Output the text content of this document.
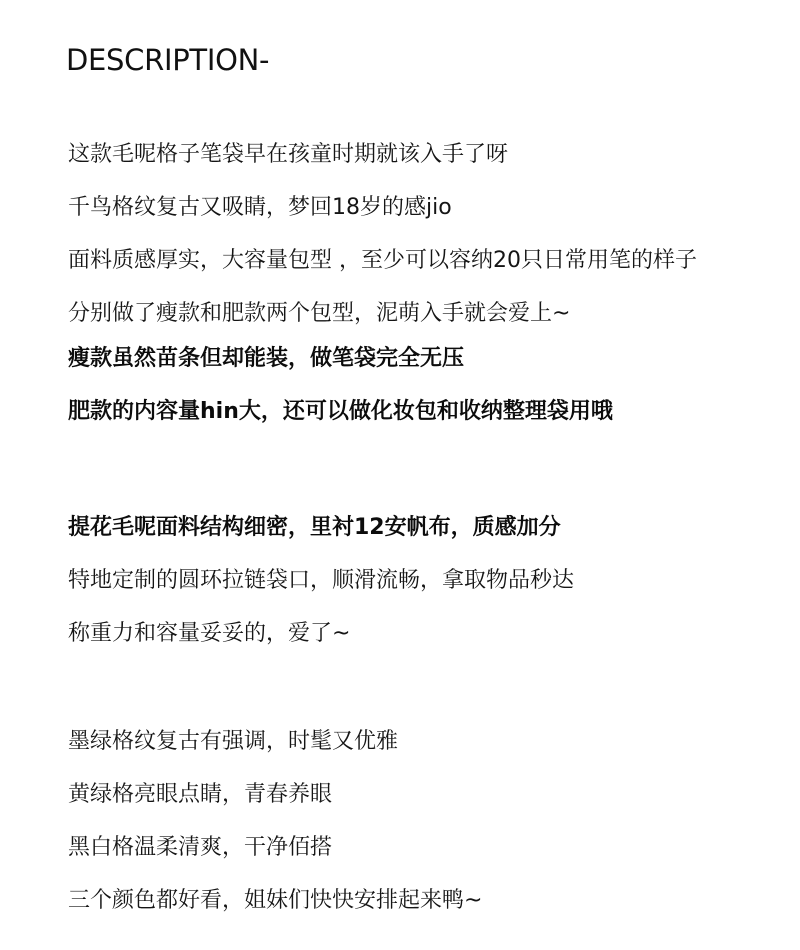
DESCRIPTION-
这款毛呢格子笔袋早在孩童时期就该入手了呀
千鸟格纹复古又吸睛，梦回18岁的感jio
面料质感厚实，大容量包型 ，至少可以容纳20只日常用笔的样子
分别做了瘦款和肥款两个包型，泥萌入手就会爱上~
瘦款虽然苗条但却能装，做笔袋完全无压
肥款的内容量hin大，还可以做化妆包和收纳整理袋用哦
提花毛呢面料结构细密，里衬12安帆布，质感加分
特地定制的圆环拉链袋口，顺滑流畅，拿取物品秒达
称重力和容量妥妥的，爱了~
墨绿格纹复古有强调，时髦又优雅
黄绿格亮眼点睛，青春养眼
黑白格温柔清爽，干净佰搭
三个颜色都好看，姐妹们快快安排起来鸭~
